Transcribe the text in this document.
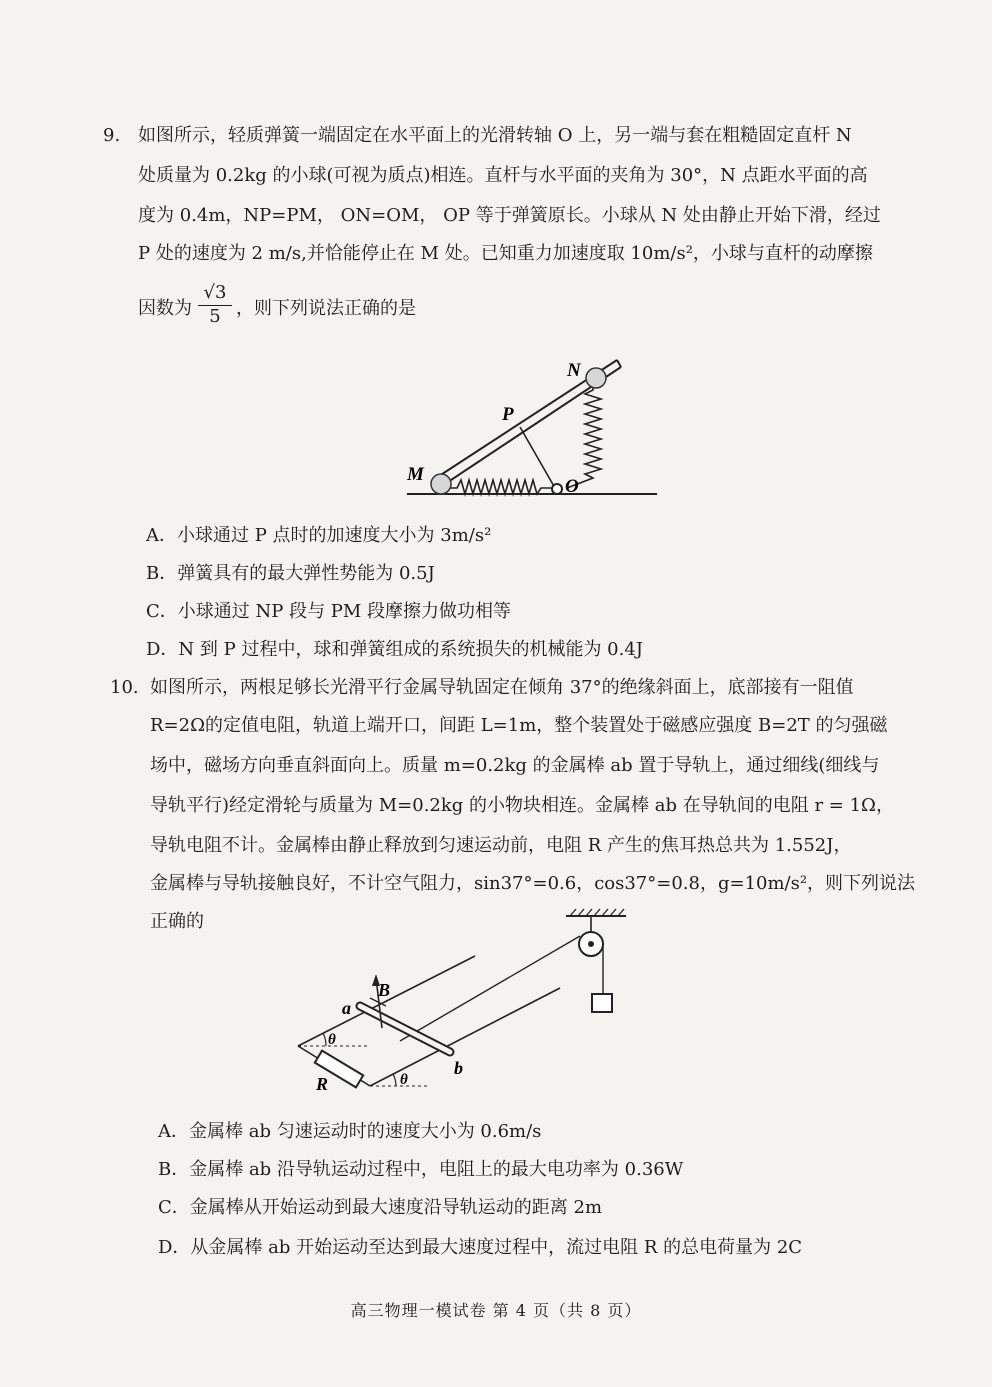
9. 如图所示，轻质弹簧一端固定在水平面上的光滑转轴 O 上，另一端与套在粗糙固定直杆 N
处质量为 0.2kg 的小球(可视为质点)相连。直杆与水平面的夹角为 30°，N 点距水平面的高
度为 0.4m，NP=PM， ON=OM， OP 等于弹簧原长。小球从 N 处由静止开始下滑，经过
P 处的速度为 2 m/s,并恰能停止在 M 处。已知重力加速度取 10m/s²，小球与直杆的动摩擦
因数为 $\frac{√3}{5}$ ，则下列说法正确的是
N
P
M
O
A．小球通过 P 点时的加速度大小为 3m/s²
B．弹簧具有的最大弹性势能为 0.5J
C．小球通过 NP 段与 PM 段摩擦力做功相等
D．N 到 P 过程中，球和弹簧组成的系统损失的机械能为 0.4J
10. 如图所示，两根足够长光滑平行金属导轨固定在倾角 37°的绝缘斜面上，底部接有一阻值
R=2Ω的定值电阻，轨道上端开口，间距 L=1m，整个装置处于磁感应强度 B=2T 的匀强磁
场中，磁场方向垂直斜面向上。质量 m=0.2kg 的金属棒 ab 置于导轨上，通过细线(细线与
导轨平行)经定滑轮与质量为 M=0.2kg 的小物块相连。金属棒 ab 在导轨间的电阻 r = 1Ω，
导轨电阻不计。金属棒由静止释放到匀速运动前，电阻 R 产生的焦耳热总共为 1.552J，
金属棒与导轨接触良好，不计空气阻力，sin37°=0.6，cos37°=0.8，g=10m/s²，则下列说法
正确的
B
a
b
R
θ
θ
A．金属棒 ab 匀速运动时的速度大小为 0.6m/s
B．金属棒 ab 沿导轨运动过程中，电阻上的最大电功率为 0.36W
C．金属棒从开始运动到最大速度沿导轨运动的距离 2m
D．从金属棒 ab 开始运动至达到最大速度过程中，流过电阻 R 的总电荷量为 2C
高三物理一模试卷 第 4 页（共 8 页）
